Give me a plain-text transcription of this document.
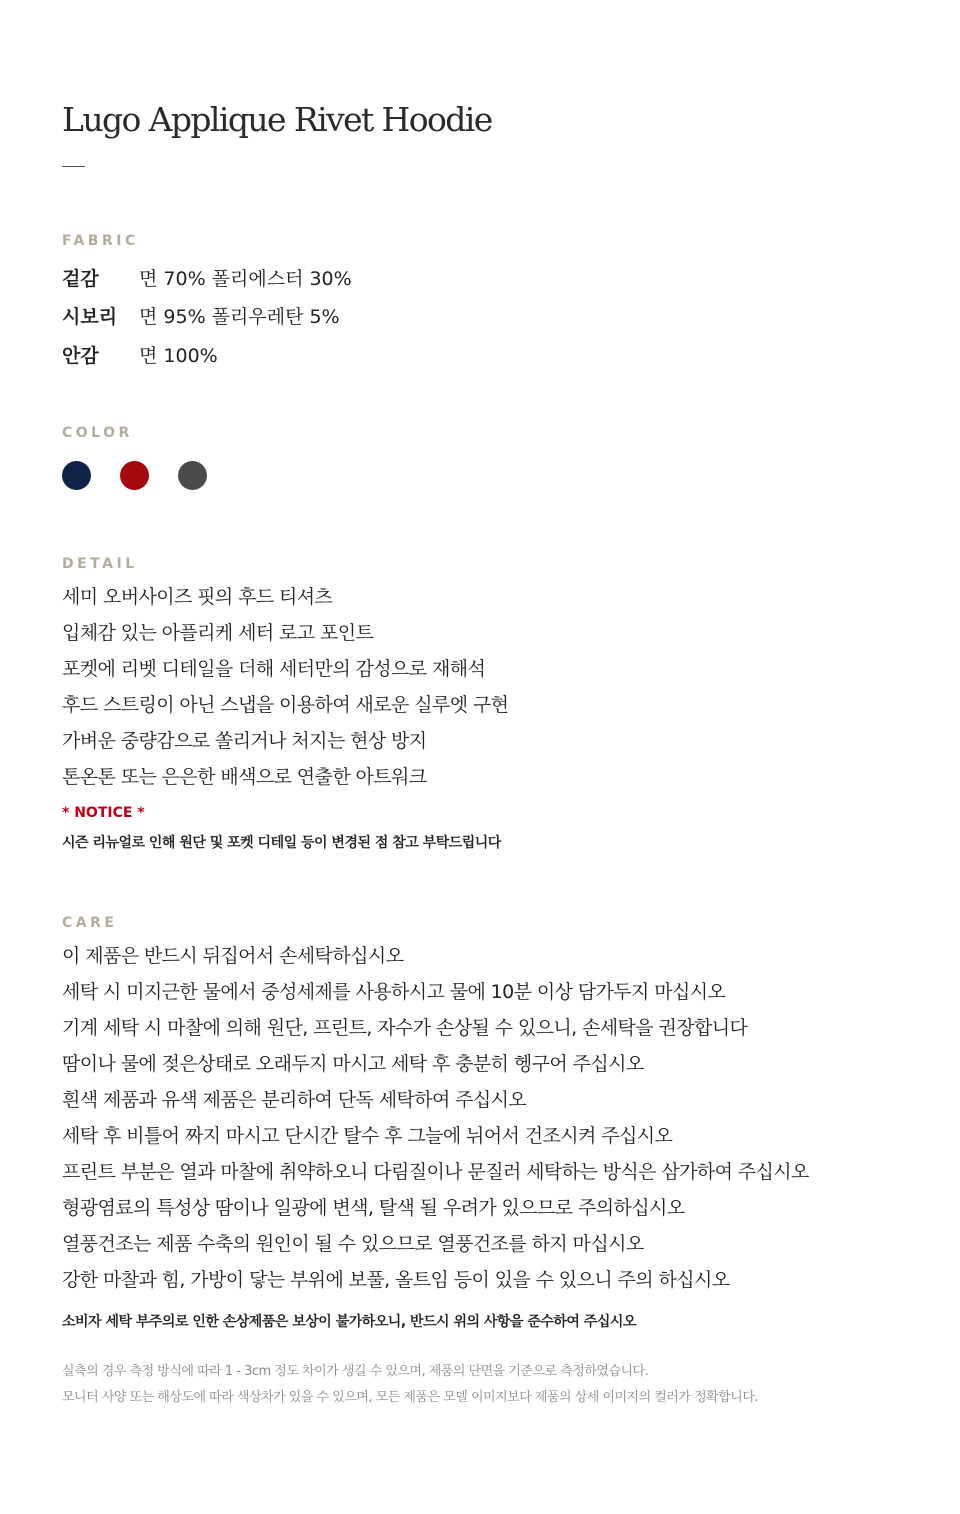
Lugo Applique Rivet Hoodie
FABRIC
겉감	면 70% 폴리에스터 30%
시보리	면 95% 폴리우레탄 5%
안감	면 100%
COLOR
DETAIL
세미 오버사이즈 핏의 후드 티셔츠
입체감 있는 아플리케 세터 로고 포인트
포켓에 리벳 디테일을 더해 세터만의 감성으로 재해석
후드 스트링이 아닌 스냅을 이용하여 새로운 실루엣 구현
가벼운 중량감으로 쏠리거나 처지는 현상 방지
톤온톤 또는 은은한 배색으로 연출한 아트워크
* NOTICE *
시즌 리뉴얼로 인해 원단 및 포켓 디테일 등이 변경된 점 참고 부탁드립니다
CARE
이 제품은 반드시 뒤집어서 손세탁하십시오
세탁 시 미지근한 물에서 중성세제를 사용하시고 물에 10분 이상 담가두지 마십시오
기계 세탁 시 마찰에 의해 원단, 프린트, 자수가 손상될 수 있으니, 손세탁을 권장합니다
땀이나 물에 젖은상태로 오래두지 마시고 세탁 후 충분히 헹구어 주십시오
흰색 제품과 유색 제품은 분리하여 단독 세탁하여 주십시오
세탁 후 비틀어 짜지 마시고 단시간 탈수 후 그늘에 뉘어서 건조시켜 주십시오
프린트 부분은 열과 마찰에 취약하오니 다림질이나 문질러 세탁하는 방식은 삼가하여 주십시오
형광염료의 특성상 땀이나 일광에 변색, 탈색 될 우려가 있으므로 주의하십시오
열풍건조는 제품 수축의 원인이 될 수 있으므로 열풍건조를 하지 마십시오
강한 마찰과 힘, 가방이 닿는 부위에 보풀, 올트임 등이 있을 수 있으니 주의 하십시오
소비자 세탁 부주의로 인한 손상제품은 보상이 불가하오니, 반드시 위의 사항을 준수하여 주십시오
실측의 경우 측정 방식에 따라 1 - 3cm 정도 차이가 생길 수 있으며, 제품의 단면을 기준으로 측정하였습니다.
모니터 사양 또는 해상도에 따라 색상차가 있을 수 있으며, 모든 제품은 모델 이미지보다 제품의 상세 이미지의 컬러가 정확합니다.
